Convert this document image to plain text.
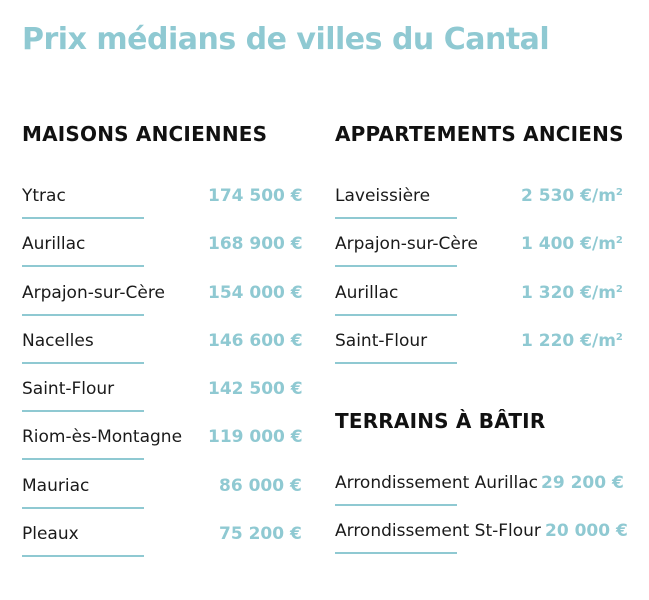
Prix médians de villes du Cantal
MAISONS ANCIENNES
Ytrac	174 500 €
Aurillac	168 900 €
Arpajon-sur-Cère	154 000 €
Nacelles	146 600 €
Saint-Flour	142 500 €
Riom-ès-Montagne 119 000 €
Mauriac	86 000 €
Pleaux	75 200 €
APPARTEMENTS ANCIENS
Laveissière	2 530 $€/m^2$
Arpajon-sur-Cère	1 400 $€/m^2$
Aurillac	1 320 $€/m^2$
Saint-Flour	1 220 $€/m^2$
TERRAINS À BÂTIR
Arrondissement Aurillac 29 200 €
Arrondissement St-Flour 20 000 €
